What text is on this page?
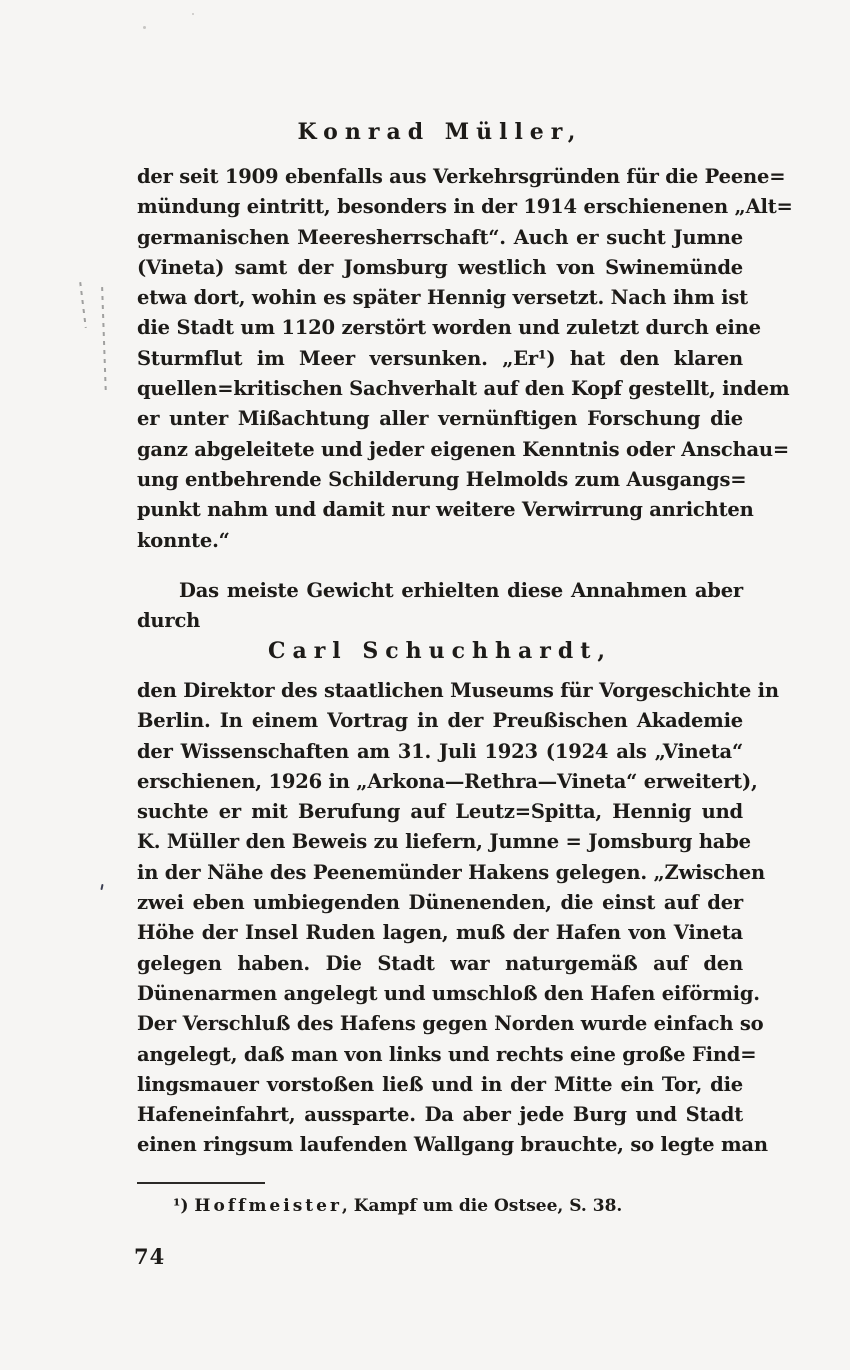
Konrad Müller,
der seit 1909 ebenfalls aus Verkehrsgründen für die Peene=
mündung eintritt, besonders in der 1914 erschienenen „Alt=
germanischen Meeresherrschaft“. Auch er sucht Jumne
(Vineta) samt der Jomsburg westlich von Swinemünde
etwa dort, wohin es später Hennig versetzt. Nach ihm ist
die Stadt um 1120 zerstört worden und zuletzt durch eine
Sturmflut im Meer versunken. „Er¹) hat den klaren
quellen=kritischen Sachverhalt auf den Kopf gestellt, indem
er unter Mißachtung aller vernünftigen Forschung die
ganz abgeleitete und jeder eigenen Kenntnis oder Anschau=
ung entbehrende Schilderung Helmolds zum Ausgangs=
punkt nahm und damit nur weitere Verwirrung anrichten
konnte.“
Das meiste Gewicht erhielten diese Annahmen aber
durch
Carl Schuchhardt,
den Direktor des staatlichen Museums für Vorgeschichte in
Berlin. In einem Vortrag in der Preußischen Akademie
der Wissenschaften am 31. Juli 1923 (1924 als „Vineta“
erschienen, 1926 in „Arkona—Rethra—Vineta“ erweitert),
suchte er mit Berufung auf Leutz=Spitta, Hennig und
K. Müller den Beweis zu liefern, Jumne = Jomsburg habe
in der Nähe des Peenemünder Hakens gelegen. „Zwischen
zwei eben umbiegenden Dünenenden, die einst auf der
Höhe der Insel Ruden lagen, muß der Hafen von Vineta
gelegen haben. Die Stadt war naturgemäß auf den
Dünenarmen angelegt und umschloß den Hafen eiförmig.
Der Verschluß des Hafens gegen Norden wurde einfach so
angelegt, daß man von links und rechts eine große Find=
lingsmauer vorstoßen ließ und in der Mitte ein Tor, die
Hafeneinfahrt, aussparte. Da aber jede Burg und Stadt
einen ringsum laufenden Wallgang brauchte, so legte man
¹) Hoffmeister, Kampf um die Ostsee, S. 38.
74
